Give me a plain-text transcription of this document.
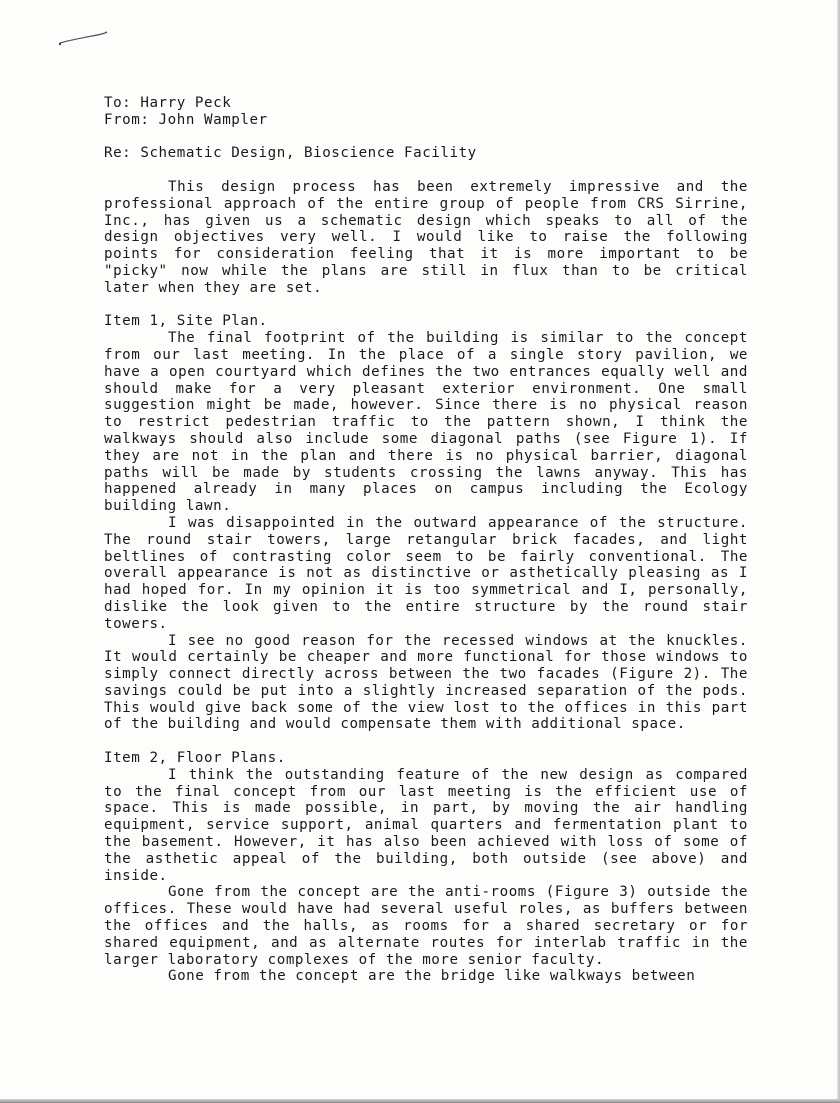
To: Harry Peck
From: John Wampler
Re: Schematic Design, Bioscience Facility

This design process has been extremely impressive and the professional approach of the entire group of people from CRS Sirrine, Inc., has given us a schematic design which speaks to all of the design objectives very well. I would like to raise the following points for consideration feeling that it is more important to be "picky" now while the plans are still in flux than to be critical later when they are set.

Item 1, Site Plan.

The final footprint of the building is similar to the concept from our last meeting. In the place of a single story pavilion, we have a open courtyard which defines the two entrances equally well and should make for a very pleasant exterior environment. One small suggestion might be made, however. Since there is no physical reason to restrict pedestrian traffic to the pattern shown, I think the walkways should also include some diagonal paths (see Figure 1). If they are not in the plan and there is no physical barrier, diagonal paths will be made by students crossing the lawns anyway. This has happened already in many places on campus including the Ecology building lawn.

I was disappointed in the outward appearance of the structure. The round stair towers, large retangular brick facades, and light beltlines of contrasting color seem to be fairly conventional. The overall appearance is not as distinctive or asthetically pleasing as I had hoped for. In my opinion it is too symmetrical and I, personally, dislike the look given to the entire structure by the round stair towers.

I see no good reason for the recessed windows at the knuckles. It would certainly be cheaper and more functional for those windows to simply connect directly across between the two facades (Figure 2). The savings could be put into a slightly increased separation of the pods. This would give back some of the view lost to the offices in this part of the building and would compensate them with additional space.

Item 2, Floor Plans.

I think the outstanding feature of the new design as compared to the final concept from our last meeting is the efficient use of space. This is made possible, in part, by moving the air handling equipment, service support, animal quarters and fermentation plant to the basement. However, it has also been achieved with loss of some of the asthetic appeal of the building, both outside (see above) and inside.

Gone from the concept are the anti-rooms (Figure 3) outside the offices. These would have had several useful roles, as buffers between the offices and the halls, as rooms for a shared secretary or for shared equipment, and as alternate routes for interlab traffic in the larger laboratory complexes of the more senior faculty.

Gone from the concept are the bridge like walkways between
